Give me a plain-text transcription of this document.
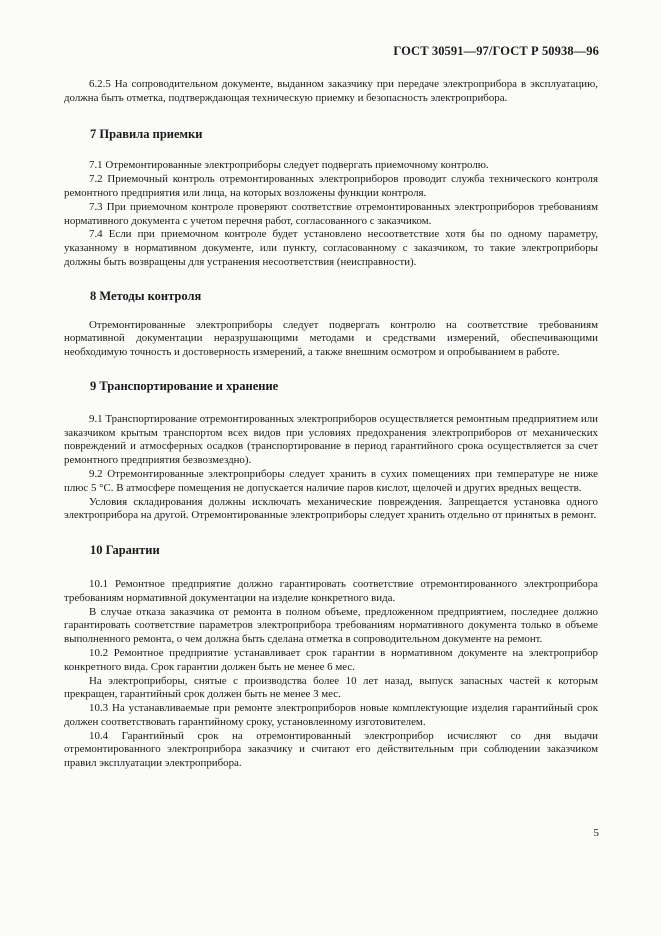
ГОСТ 30591—97/ГОСТ Р 50938—96

6.2.5 На сопроводительном документе, выданном заказчику при передаче электроприбора в эксплуатацию, должна быть отметка, подтверждающая техническую приемку и безопасность электроприбора.

7 Правила приемки

7.1 Отремонтированные электроприборы следует подвергать приемочному контролю.

7.2 Приемочный контроль отремонтированных электроприборов проводит служба технического контроля ремонтного предприятия или лица, на которых возложены функции контроля.

7.3 При приемочном контроле проверяют соответствие отремонтированных электроприборов требованиям нормативного документа с учетом перечня работ, согласованного с заказчиком.

7.4 Если при приемочном контроле будет установлено несоответствие хотя бы по одному параметру, указанному в нормативном документе, или пункту, согласованному с заказчиком, то такие электроприборы должны быть возвращены для устранения несоответствия (неисправности).

8 Методы контроля

Отремонтированные электроприборы следует подвергать контролю на соответствие требованиям нормативной документации неразрушающими методами и средствами измерений, обеспечивающими необходимую точность и достоверность измерений, а также внешним осмотром и опробыванием в работе.

9 Транспортирование и хранение

9.1 Транспортирование отремонтированных электроприборов осуществляется ремонтным предприятием или заказчиком крытым транспортом всех видов при условиях предохранения электроприборов от механических повреждений и атмосферных осадков (транспортирование в период гарантийного срока осуществляется за счет ремонтного предприятия безвозмездно).

9.2 Отремонтированные электроприборы следует хранить в сухих помещениях при температуре не ниже плюс 5 °С. В атмосфере помещения не допускается наличие паров кислот, щелочей и других вредных веществ.

Условия складирования должны исключать механические повреждения. Запрещается установка одного электроприбора на другой. Отремонтированные электроприборы следует хранить отдельно от принятых в ремонт.

10 Гарантии

10.1 Ремонтное предприятие должно гарантировать соответствие отремонтированного электроприбора требованиям нормативной документации на изделие конкретного вида.

В случае отказа заказчика от ремонта в полном объеме, предложенном предприятием, последнее должно гарантировать соответствие параметров электроприбора требованиям нормативного документа только в объеме выполненного ремонта, о чем должна быть сделана отметка в сопроводительном документе на ремонт.

10.2 Ремонтное предприятие устанавливает срок гарантии в нормативном документе на электроприбор конкретного вида. Срок гарантии должен быть не менее 6 мес.

На электроприборы, снятые с производства более 10 лет назад, выпуск запасных частей к которым прекращен, гарантийный срок должен быть не менее 3 мес.

10.3 На устанавливаемые при ремонте электроприборов новые комплектующие изделия гарантийный срок должен соответствовать гарантийному сроку, установленному изготовителем.

10.4 Гарантийный срок на отремонтированный электроприбор исчисляют со дня выдачи отремонтированного электроприбора заказчику и считают его действительным при соблюдении заказчиком правил эксплуатации электроприбора.

5
